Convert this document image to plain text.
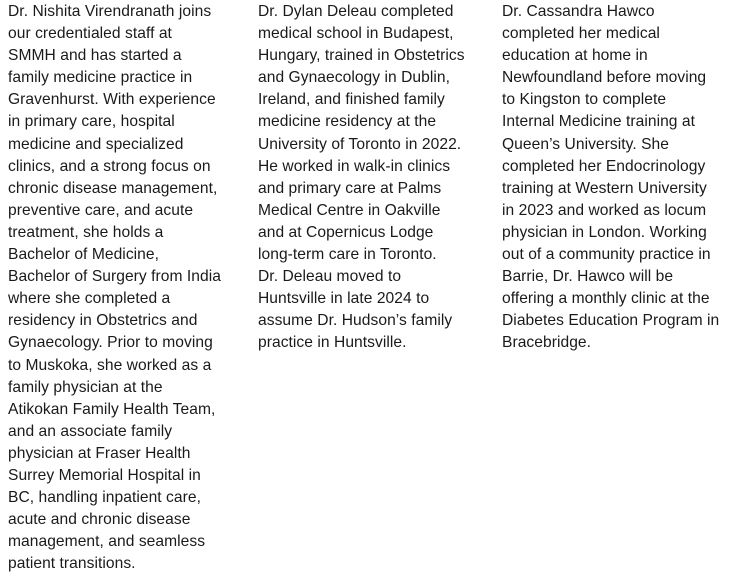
Dr. Nishita Virendranath joins
our credentialed staff at
SMMH and has started a
family medicine practice in
Gravenhurst. With experience
in primary care, hospital
medicine and specialized
clinics, and a strong focus on
chronic disease management,
preventive care, and acute
treatment, she holds a
Bachelor of Medicine,
Bachelor of Surgery from India
where she completed a
residency in Obstetrics and
Gynaecology. Prior to moving
to Muskoka, she worked as a
family physician at the
Atikokan Family Health Team,
and an associate family
physician at Fraser Health
Surrey Memorial Hospital in
BC, handling inpatient care,
acute and chronic disease
management, and seamless
patient transitions.
Dr. Dylan Deleau completed
medical school in Budapest,
Hungary, trained in Obstetrics
and Gynaecology in Dublin,
Ireland, and finished family
medicine residency at the
University of Toronto in 2022.
He worked in walk-in clinics
and primary care at Palms
Medical Centre in Oakville
and at Copernicus Lodge
long-term care in Toronto.
Dr. Deleau moved to
Huntsville in late 2024 to
assume Dr. Hudson’s family
practice in Huntsville.
Dr. Cassandra Hawco
completed her medical
education at home in
Newfoundland before moving
to Kingston to complete
Internal Medicine training at
Queen’s University. She
completed her Endocrinology
training at Western University
in 2023 and worked as locum
physician in London. Working
out of a community practice in
Barrie, Dr. Hawco will be
offering a monthly clinic at the
Diabetes Education Program in
Bracebridge.
